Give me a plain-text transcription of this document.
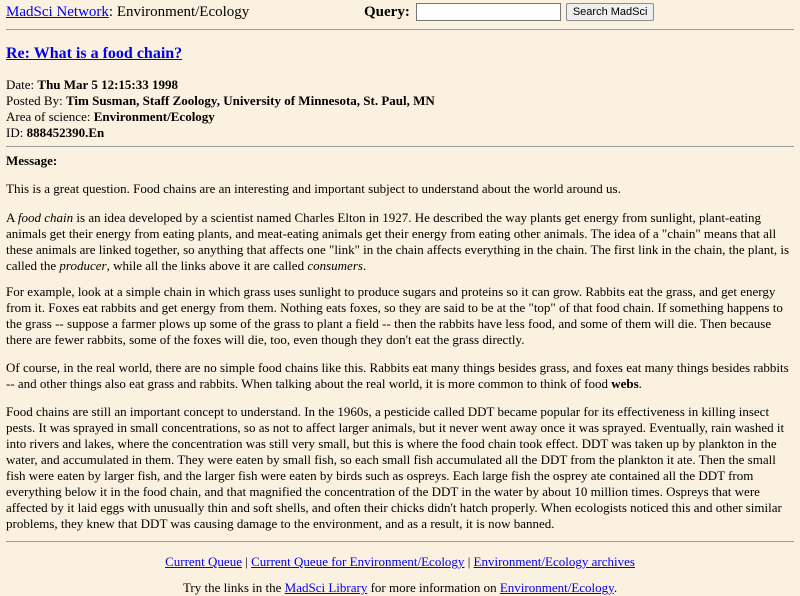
MadSci Network: Environment/Ecology	Query:	Search MadSci
Re: What is a food chain?
Date: Thu Mar 5 12:15:33 1998
Posted By: Tim Susman, Staff Zoology, University of Minnesota, St. Paul, MN
Area of science: Environment/Ecology
ID: 888452390.En
Message:

This is a great question. Food chains are an interesting and important subject to understand about the world around us.

A food chain is an idea developed by a scientist named Charles Elton in 1927. He described the way plants get energy from sunlight, plant-eating animals get their energy from eating plants, and meat-eating animals get their energy from eating other animals. The idea of a "chain" means that all these animals are linked together, so anything that affects one "link" in the chain affects everything in the chain. The first link in the chain, the plant, is called the producer, while all the links above it are called consumers.

For example, look at a simple chain in which grass uses sunlight to produce sugars and proteins so it can grow. Rabbits eat the grass, and get energy from it. Foxes eat rabbits and get energy from them. Nothing eats foxes, so they are said to be at the "top" of that food chain. If something happens to the grass -- suppose a farmer plows up some of the grass to plant a field -- then the rabbits have less food, and some of them will die. Then because there are fewer rabbits, some of the foxes will die, too, even though they don't eat the grass directly.

Of course, in the real world, there are no simple food chains like this. Rabbits eat many things besides grass, and foxes eat many things besides rabbits -- and other things also eat grass and rabbits. When talking about the real world, it is more common to think of food webs.

Food chains are still an important concept to understand. In the 1960s, a pesticide called DDT became popular for its effectiveness in killing insect pests. It was sprayed in small concentrations, so as not to affect larger animals, but it never went away once it was sprayed. Eventually, rain washed it into rivers and lakes, where the concentration was still very small, but this is where the food chain took effect. DDT was taken up by plankton in the water, and accumulated in them. They were eaten by small fish, so each small fish accumulated all the DDT from the plankton it ate. Then the small fish were eaten by larger fish, and the larger fish were eaten by birds such as ospreys. Each large fish the osprey ate contained all the DDT from everything below it in the food chain, and that magnified the concentration of the DDT in the water by about 10 million times. Ospreys that were affected by it laid eggs with unusually thin and soft shells, and often their chicks didn't hatch properly. When ecologists noticed this and other similar problems, they knew that DDT was causing damage to the environment, and as a result, it is now banned.

Current Queue | Current Queue for Environment/Ecology | Environment/Ecology archives
Try the links in the MadSci Library for more information on Environment/Ecology.
